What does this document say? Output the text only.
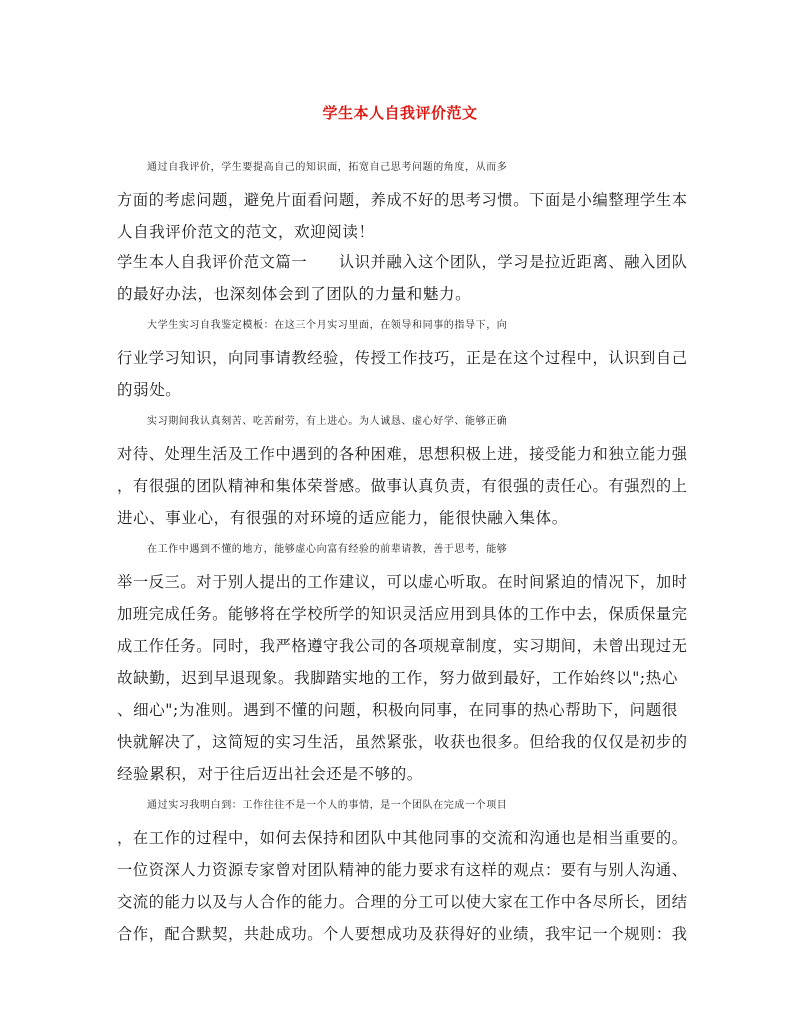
学生本人自我评价范文
通过自我评价，学生要提高自己的知识面，拓宽自己思考问题的角度，从而多
方面的考虑问题，避免片面看问题，养成不好的思考习惯。下面是小编整理学生本
人自我评价范文的范文，欢迎阅读！
学生本人自我评价范文篇一　　认识并融入这个团队，学习是拉近距离、融入团队
的最好办法，也深刻体会到了团队的力量和魅力。
大学生实习自我鉴定模板：在这三个月实习里面，在领导和同事的指导下，向
行业学习知识，向同事请教经验，传授工作技巧，正是在这个过程中，认识到自己
的弱处。
实习期间我认真刻苦、吃苦耐劳，有上进心。为人诚恳、虚心好学、能够正确
对待、处理生活及工作中遇到的各种困难，思想积极上进，接受能力和独立能力强
，有很强的团队精神和集体荣誉感。做事认真负责，有很强的责任心。有强烈的上
进心、事业心，有很强的对环境的适应能力，能很快融入集体。
在工作中遇到不懂的地方，能够虚心向富有经验的前辈请教，善于思考，能够
举一反三。对于别人提出的工作建议，可以虚心听取。在时间紧迫的情况下，加时
加班完成任务。能够将在学校所学的知识灵活应用到具体的工作中去，保质保量完
成工作任务。同时，我严格遵守我公司的各项规章制度，实习期间，未曾出现过无
故缺勤，迟到早退现象。我脚踏实地的工作，努力做到最好，工作始终以";热心
、细心";为准则。遇到不懂的问题，积极向同事，在同事的热心帮助下，问题很
快就解决了，这简短的实习生活，虽然紧张，收获也很多。但给我的仅仅是初步的
经验累积，对于往后迈出社会还是不够的。
通过实习我明白到：工作往往不是一个人的事情，是一个团队在完成一个项目
，在工作的过程中，如何去保持和团队中其他同事的交流和沟通也是相当重要的。
一位资深人力资源专家曾对团队精神的能力要求有这样的观点：要有与别人沟通、
交流的能力以及与人合作的能力。合理的分工可以使大家在工作中各尽所长，团结
合作，配合默契，共赴成功。个人要想成功及获得好的业绩，我牢记一个规则：我
